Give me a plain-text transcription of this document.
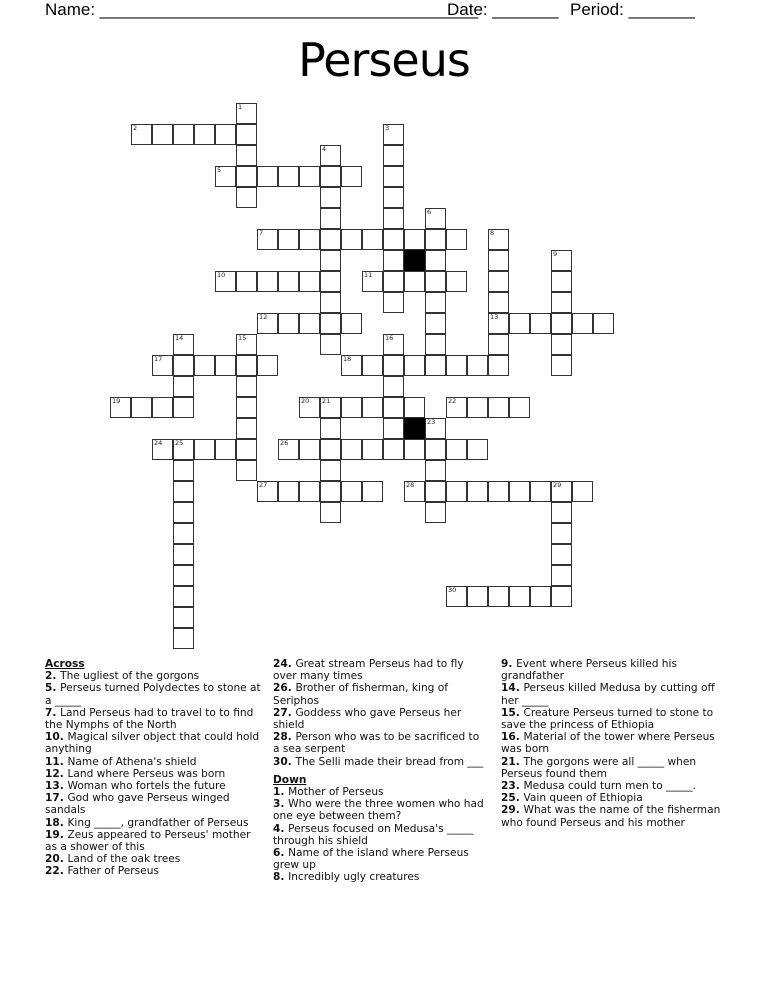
Name: ________________________________________

Date: _______

Period: _______

Perseus
1
2	3
4
5
6
7	8
13
9
10	11
12
14	15	16
17	18
19	20 21	22
23
24 25	26
27	28	29
30
Across
2. The ugliest of the gorgons
5. Perseus turned Polydectes to stone at a _____
7. Land Perseus had to travel to to find the Nymphs of the North
10. Magical silver object that could hold anything
11. Name of Athena's shield
12. Land where Perseus was born
13. Woman who fortels the future
17. God who gave Perseus winged sandals
18. King _____, grandfather of Perseus
19. Zeus appeared to Perseus' mother as a shower of this
20. Land of the oak trees
22. Father of Perseus
24. Great stream Perseus had to fly over many times
26. Brother of fisherman, king of Seriphos
27. Goddess who gave Perseus her shield
28. Person who was to be sacrificed to a sea serpent
30. The Selli made their bread from ___
Down
1. Mother of Perseus
3. Who were the three women who had one eye between them?
4. Perseus focused on Medusa's _____ through his shield
6. Name of the island where Perseus grew up
8. Incredibly ugly creatures
9. Event where Perseus killed his grandfather
14. Perseus killed Medusa by cutting off her _____
15. Creature Perseus turned to stone to save the princess of Ethiopia
16. Material of the tower where Perseus was born
21. The gorgons were all _____ when Perseus found them
23. Medusa could turn men to _____.
25. Vain queen of Ethiopia
29. What was the name of the fisherman who found Perseus and his mother
